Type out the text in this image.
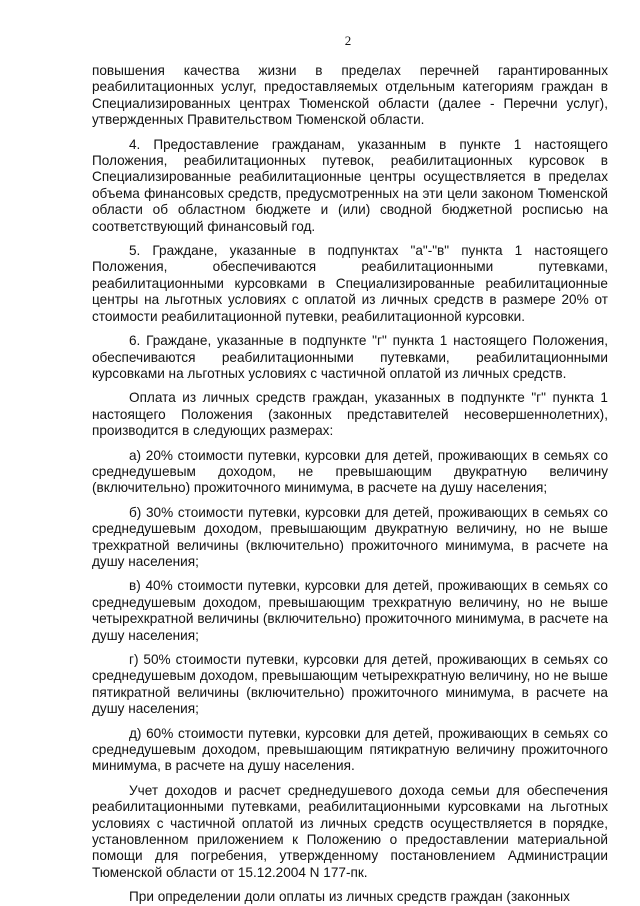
2

повышения качества жизни в пределах перечней гарантированных реабилитационных услуг, предоставляемых отдельным категориям граждан в Специализированных центрах Тюменской области (далее - Перечни услуг), утвержденных Правительством Тюменской области.

4. Предоставление гражданам, указанным в пункте 1 настоящего Положения, реабилитационных путевок, реабилитационных курсовок в Специализированные реабилитационные центры осуществляется в пределах объема финансовых средств, предусмотренных на эти цели законом Тюменской области об областном бюджете и (или) сводной бюджетной росписью на соответствующий финансовый год.

5. Граждане, указанные в подпунктах "а"-"в" пункта 1 настоящего Положения, обеспечиваются реабилитационными путевками, реабилитационными курсовками в Специализированные реабилитационные центры на льготных условиях с оплатой из личных средств в размере 20% от стоимости реабилитационной путевки, реабилитационной курсовки.

6. Граждане, указанные в подпункте "г" пункта 1 настоящего Положения, обеспечиваются реабилитационными путевками, реабилитационными курсовками на льготных условиях с частичной оплатой из личных средств.

Оплата из личных средств граждан, указанных в подпункте "г" пункта 1 настоящего Положения (законных представителей несовершеннолетних), производится в следующих размерах:

а) 20% стоимости путевки, курсовки для детей, проживающих в семьях со среднедушевым доходом, не превышающим двукратную величину (включительно) прожиточного минимума, в расчете на душу населения;

б) 30% стоимости путевки, курсовки для детей, проживающих в семьях со среднедушевым доходом, превышающим двукратную величину, но не выше трехкратной величины (включительно) прожиточного минимума, в расчете на душу населения;

в) 40% стоимости путевки, курсовки для детей, проживающих в семьях со среднедушевым доходом, превышающим трехкратную величину, но не выше четырехкратной величины (включительно) прожиточного минимума, в расчете на душу населения;

г) 50% стоимости путевки, курсовки для детей, проживающих в семьях со среднедушевым доходом, превышающим четырехкратную величину, но не выше пятикратной величины (включительно) прожиточного минимума, в расчете на душу населения;

д) 60% стоимости путевки, курсовки для детей, проживающих в семьях со среднедушевым доходом, превышающим пятикратную величину прожиточного минимума, в расчете на душу населения.

Учет доходов и расчет среднедушевого дохода семьи для обеспечения реабилитационными путевками, реабилитационными курсовками на льготных условиях с частичной оплатой из личных средств осуществляется в порядке, установленном приложением к Положению о предоставлении материальной помощи для погребения, утвержденному постановлением Администрации Тюменской области от 15.12.2004 N 177-пк.

При определении доли оплаты из личных средств граждан (законных
